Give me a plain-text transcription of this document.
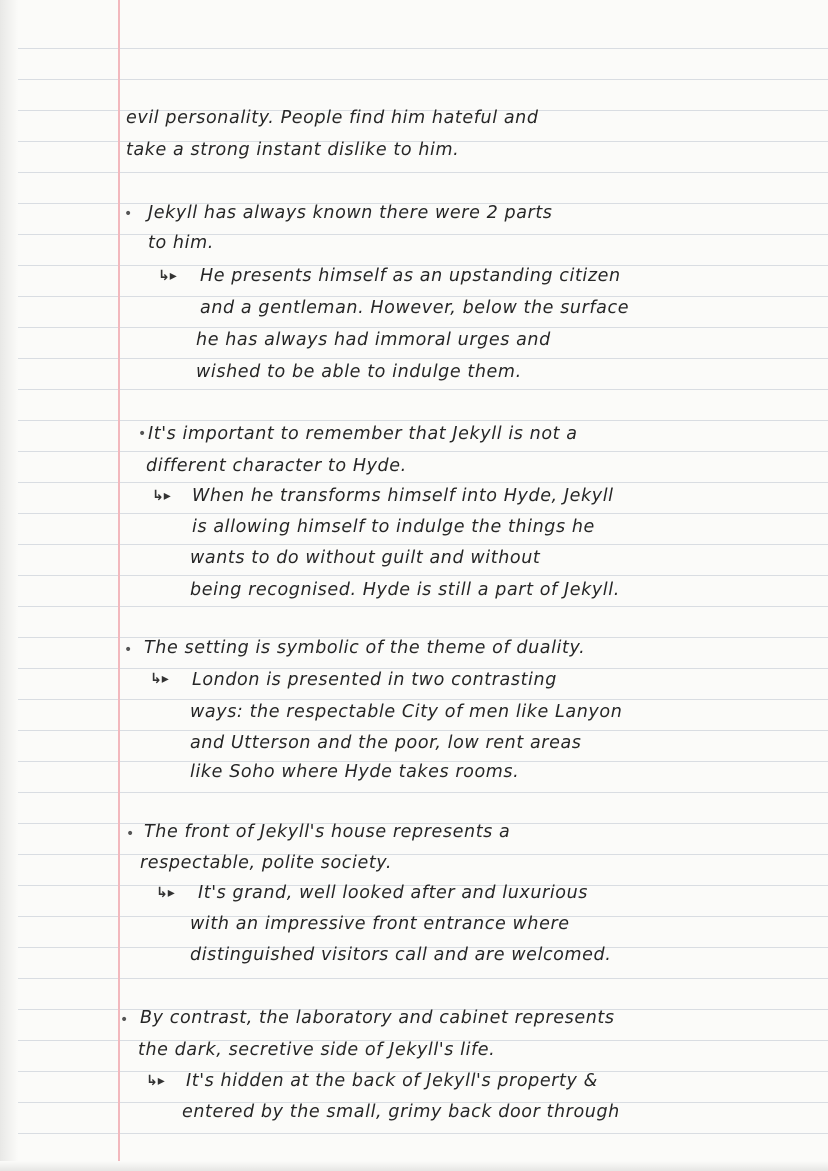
evil personality. People find him hateful and
take a strong instant dislike to him.
• Jekyll has always known there were 2 parts
to him.
↳▸ He presents himself as an upstanding citizen
and a gentleman. However, below the surface
he has always had immoral urges and
wished to be able to indulge them.
• It's important to remember that Jekyll is not a
different character to Hyde.
↳▸ When he transforms himself into Hyde, Jekyll
is allowing himself to indulge the things he
wants to do without guilt and without
being recognised. Hyde is still a part of Jekyll.
• The setting is symbolic of the theme of duality.
↳▸ London is presented in two contrasting
ways: the respectable City of men like Lanyon
and Utterson and the poor, low rent areas
like Soho where Hyde takes rooms.
• The front of Jekyll's house represents a
respectable, polite society.
↳▸ It's grand, well looked after and luxurious
with an impressive front entrance where
distinguished visitors call and are welcomed.
• By contrast, the laboratory and cabinet represents
the dark, secretive side of Jekyll's life.
↳▸ It's hidden at the back of Jekyll's property &
entered by the small, grimy back door through
